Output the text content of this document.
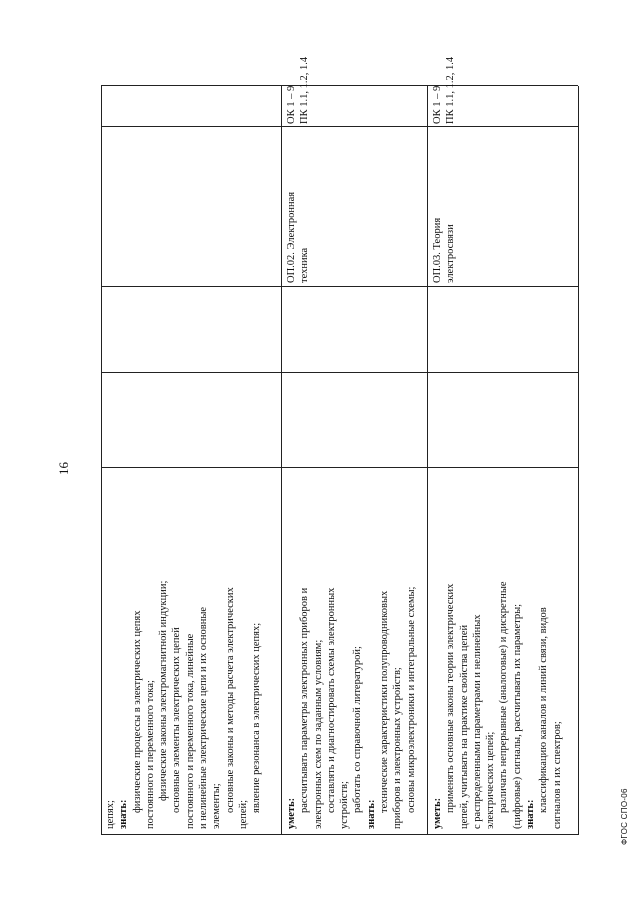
16
цепях; знать:
физические процессы в электрических цепях постоянного и переменного тока; физические законы электромагнитной индукции; основные элементы электрических цепей постоянного и переменного тока, линейные и нелинейные электрические цепи и их основные элементы; основные законы и методы расчета электрических
цепей;
явление резонанса в электрических цепях;
уметь:
рассчитывать параметры электронных приборов и электронных схем по заданным условиям; составлять и диагностировать схемы электронных устройств; работать со справочной литературой;
знать:
технические характеристики полупроводниковых приборов и электронных устройств; основы микроэлектроники и интегральные схемы;
ОП.02. Электронная техника
ОК 1 – 9 ПК 1.1, 1.2, 1.4
уметь:
применять основные законы теории электрических цепей, учитывать на практике свойства цепей с распределенными параметрами и нелинейных электрических цепей; различать непрерывные (аналоговые) и дискретные (цифровые) сигналы, рассчитывать их параметры; знать:
классификацию каналов и линий связи, видов сигналов и их спектров;
ОП.03. Теория электросвязи
ОК 1 – 9 ПК 1.1, 1.2, 1.4
ФГОС СПО-06
